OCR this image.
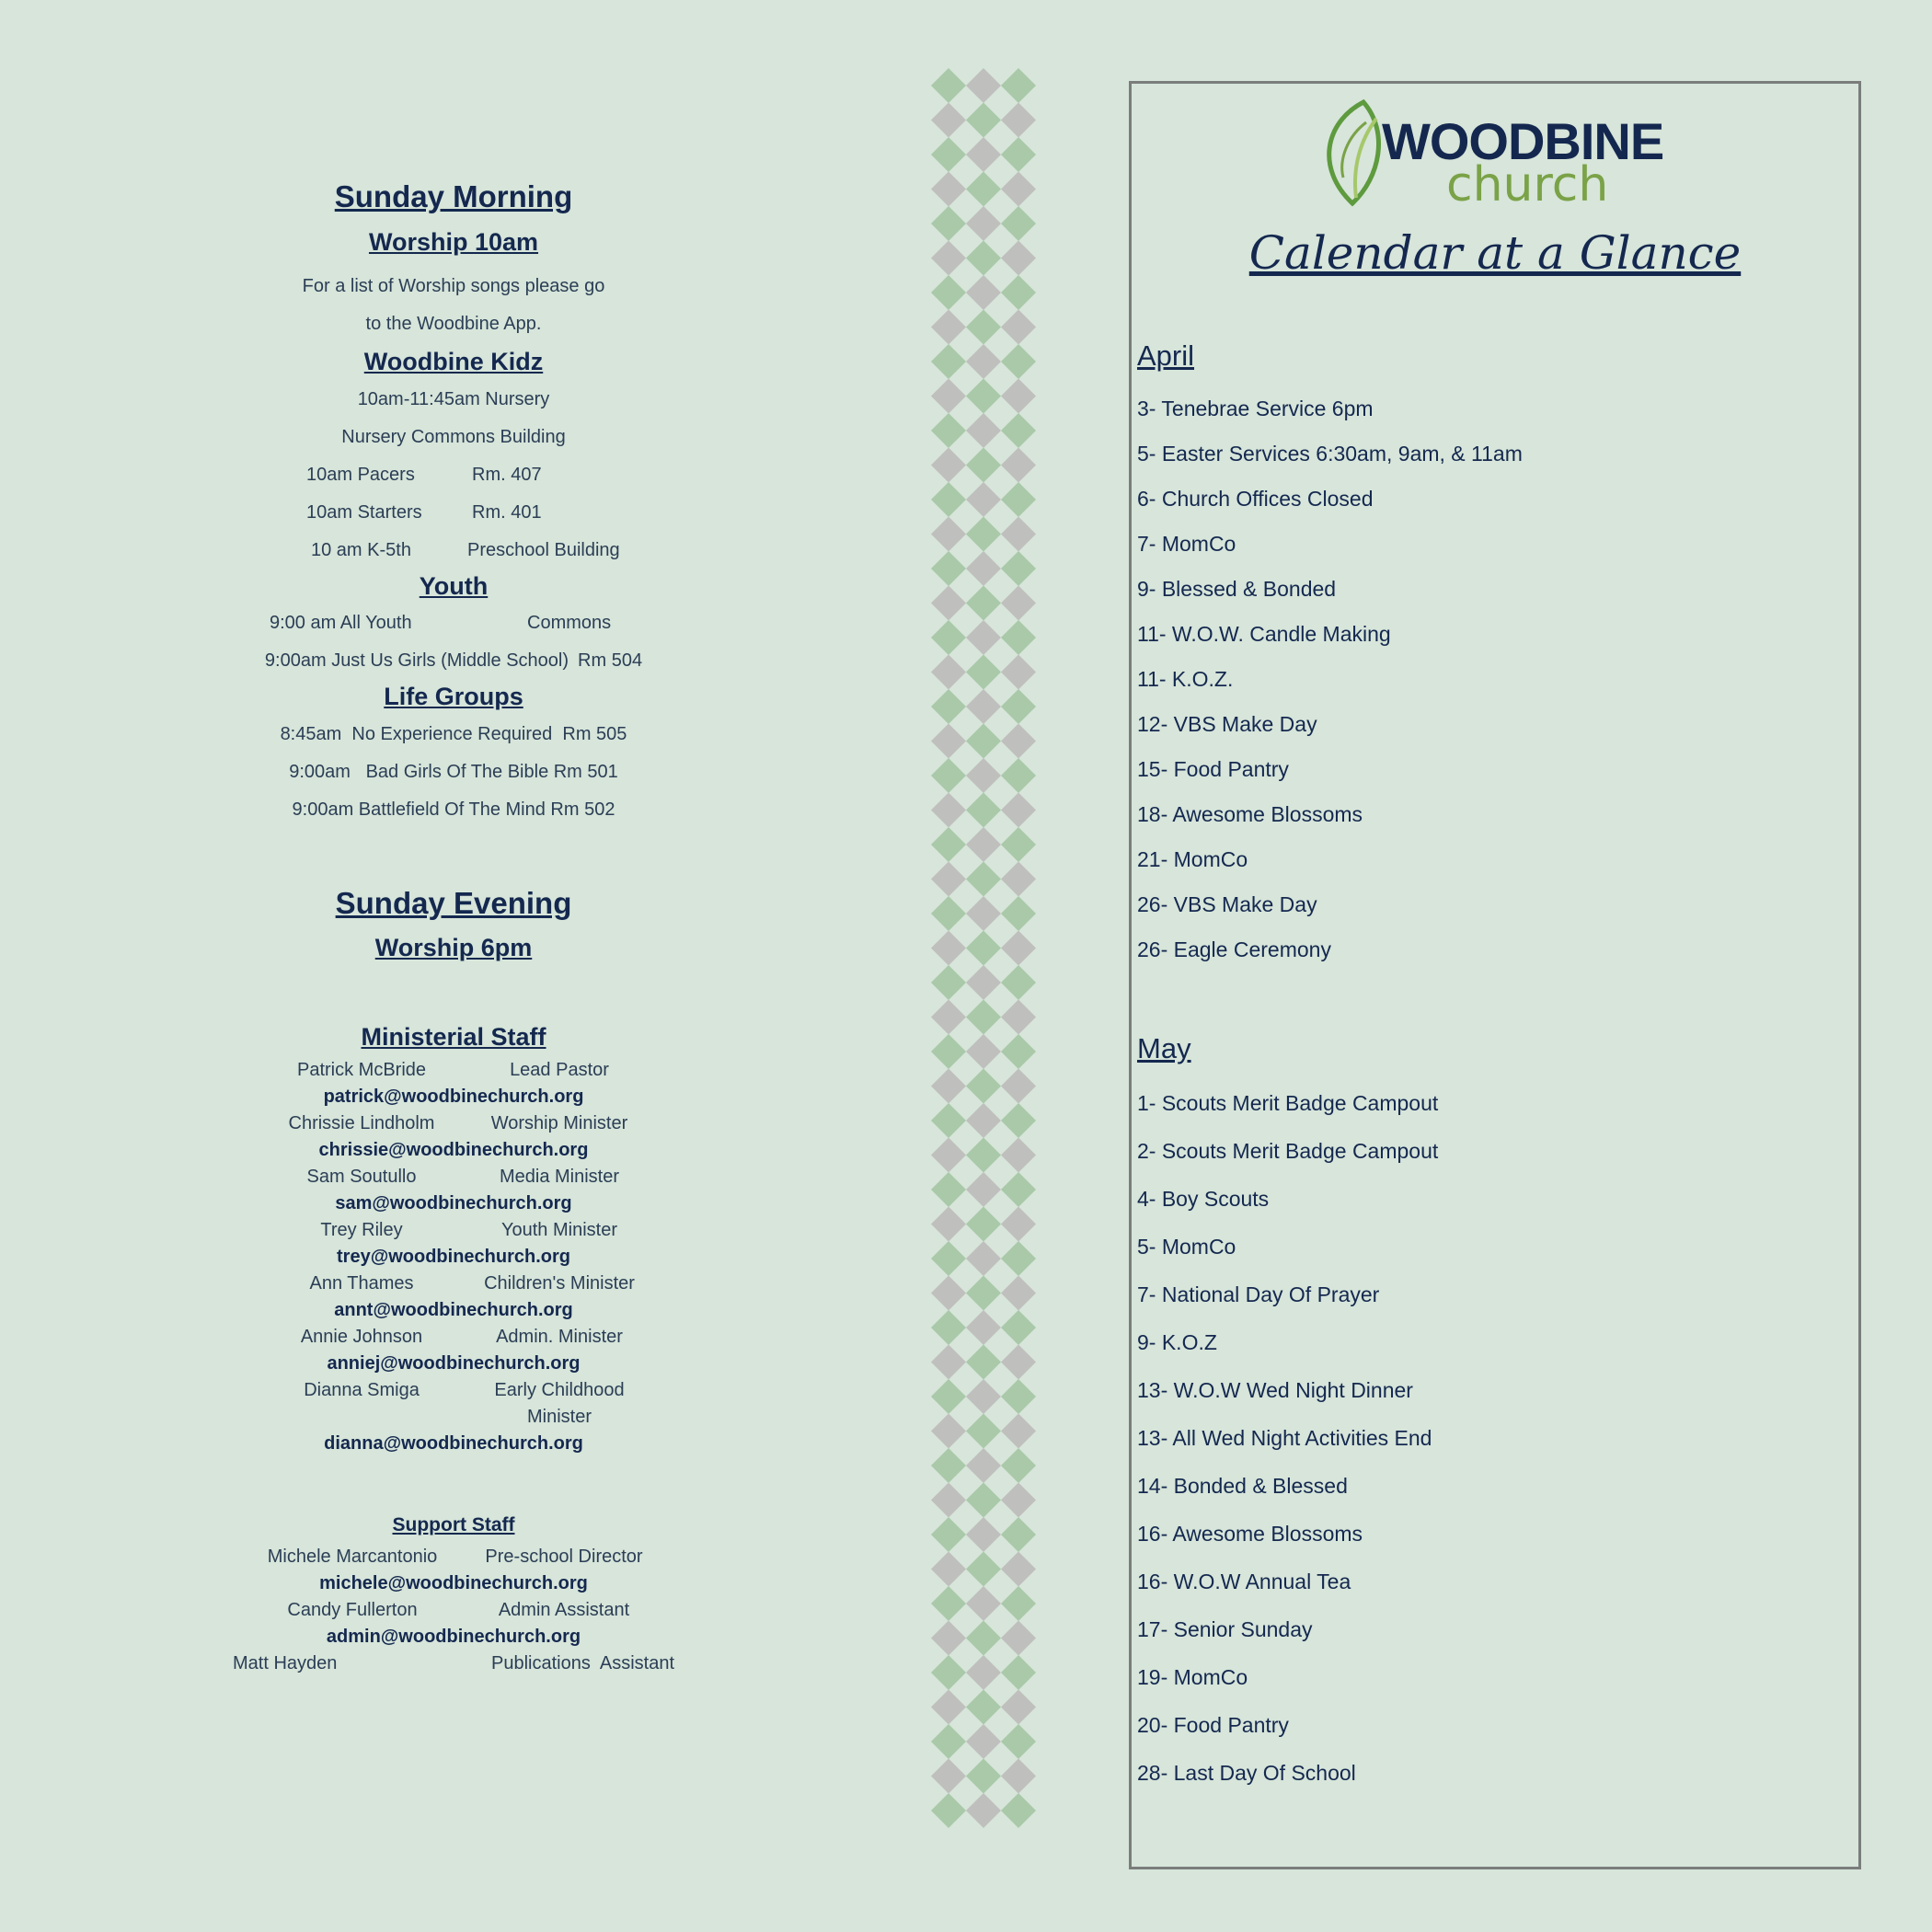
Sunday Morning
Worship 10am
For a list of Worship songs please go
to the Woodbine App.
Woodbine Kidz
10am-11:45am Nursery
Nursery Commons Building
10am Pacers	Rm. 407
10am Starters	Rm. 401
10 am K-5th	Preschool Building
Youth
9:00 am All Youth	Commons
9:00am Just Us Girls (Middle School) Rm 504
Life Groups
8:45am  No Experience Required  Rm 505
9:00am   Bad Girls Of The Bible Rm 501
9:00am Battlefield Of The Mind Rm 502
Sunday Evening
Worship 6pm
Ministerial Staff
Patrick McBride	Lead Pastor
patrick@woodbinechurch.org
Chrissie Lindholm	Worship Minister
chrissie@woodbinechurch.org
Sam Soutullo	Media Minister
sam@woodbinechurch.org
Trey Riley	Youth Minister
trey@woodbinechurch.org
Ann Thames	Children's Minister
annt@woodbinechurch.org
Annie Johnson	Admin. Minister
anniej@woodbinechurch.org
Dianna Smiga	Early Childhood
Minister
dianna@woodbinechurch.org
Support Staff
Michele Marcantonio	Pre-school Director
michele@woodbinechurch.org
Candy Fullerton	Admin Assistant
admin@woodbinechurch.org
Matt Hayden	Publications  Assistant
WOODBINE
church
Calendar at a Glance
April
3- Tenebrae Service 6pm
5- Easter Services 6:30am, 9am, & 11am
6- Church Offices Closed
7- MomCo
9- Blessed & Bonded
11- W.O.W. Candle Making
11- K.O.Z.
12- VBS Make Day
15- Food Pantry
18- Awesome Blossoms
21- MomCo
26- VBS Make Day
26- Eagle Ceremony
May
1- Scouts Merit Badge Campout
2- Scouts Merit Badge Campout
4- Boy Scouts
5- MomCo
7- National Day Of Prayer
9- K.O.Z
13- W.O.W Wed Night Dinner
13- All Wed Night Activities End
14- Bonded & Blessed
16- Awesome Blossoms
16- W.O.W Annual Tea
17- Senior Sunday
19- MomCo
20- Food Pantry
28- Last Day Of School
